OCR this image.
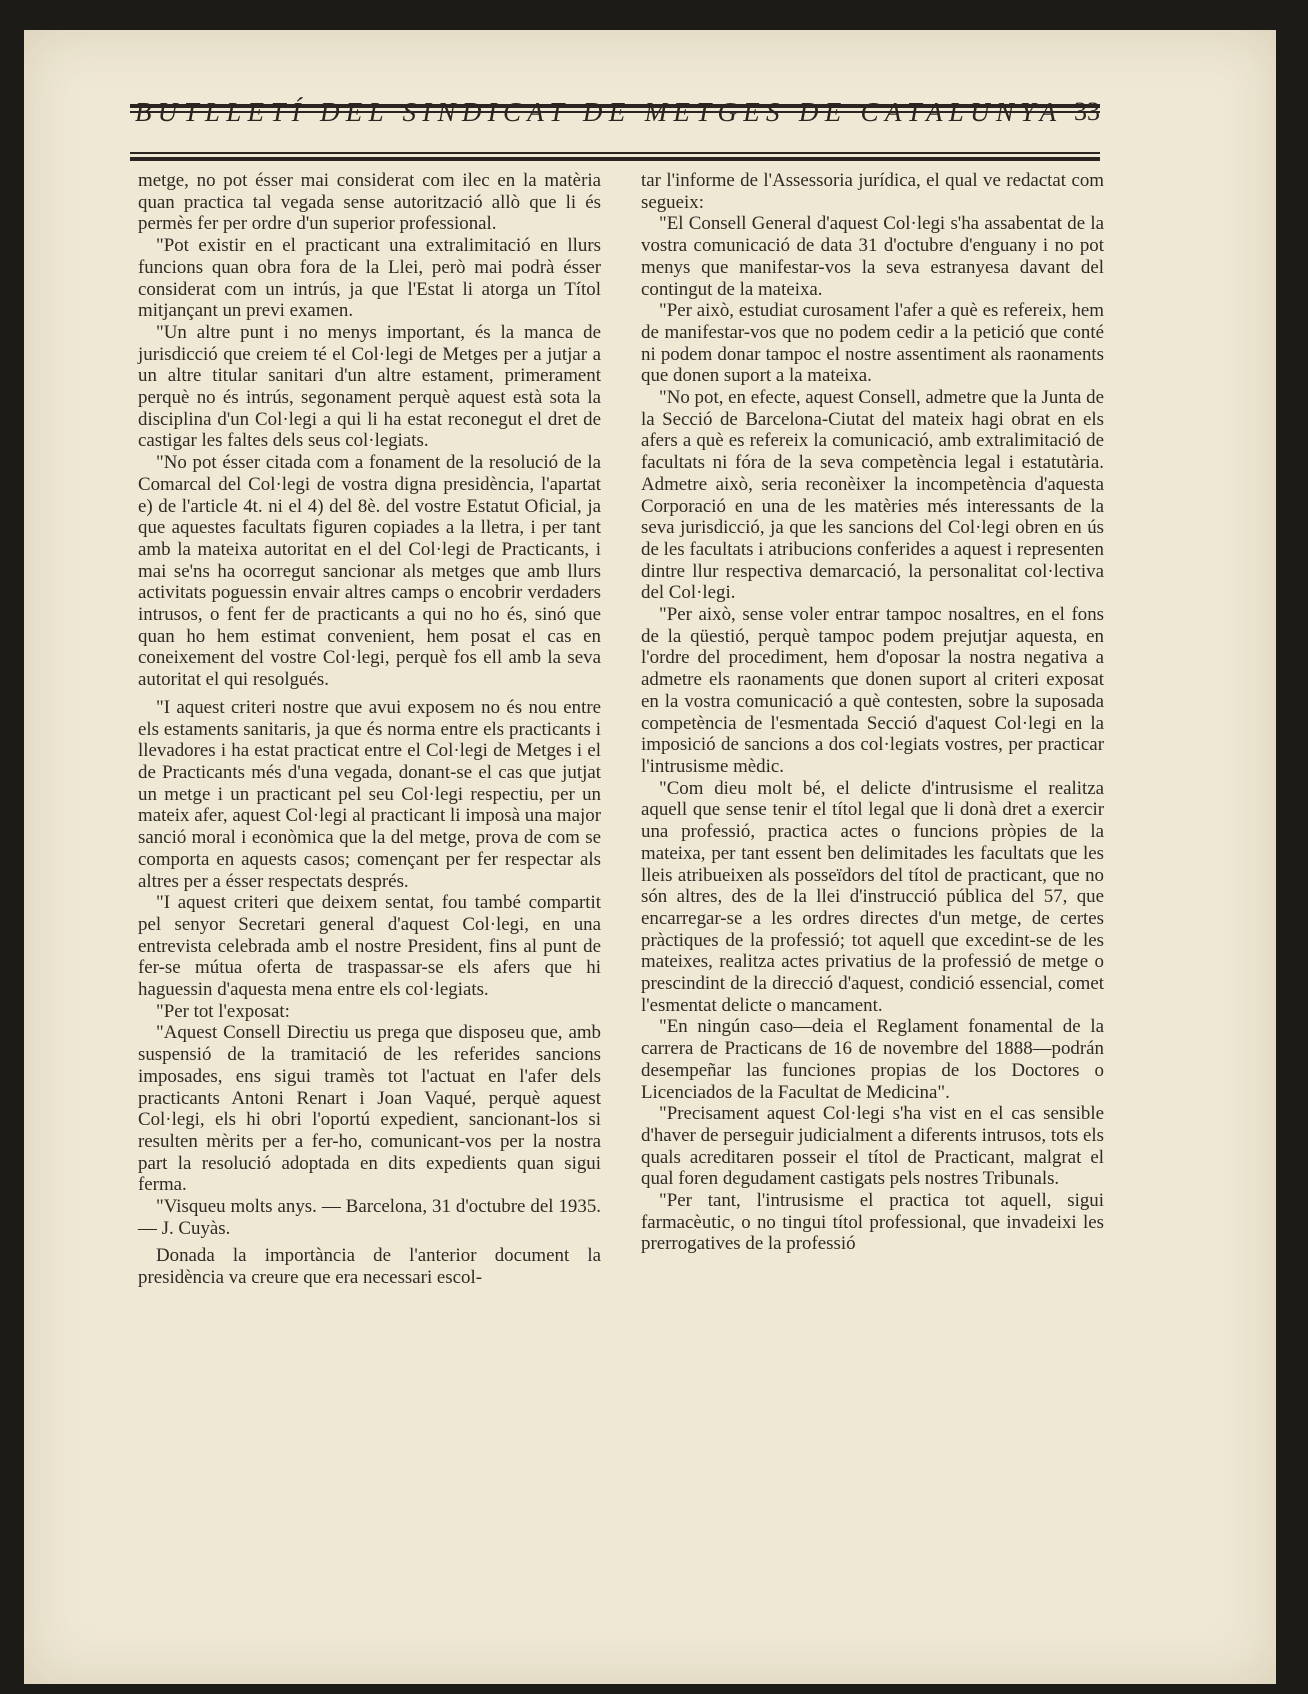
BUTLLETÍ DEL SINDICAT DE METGES DE CATALUNYA 33

metge, no pot ésser mai considerat com ilec en la matèria quan practica tal vegada sense autorització allò que li és permès fer per ordre d'un superior professional.

"Pot existir en el practicant una extralimitació en llurs funcions quan obra fora de la Llei, però mai podrà ésser considerat com un intrús, ja que l'Estat li atorga un Títol mitjançant un previ examen.

"Un altre punt i no menys important, és la manca de jurisdicció que creiem té el Col·legi de Metges per a jutjar a un altre titular sanitari d'un altre estament, primerament perquè no és intrús, segonament perquè aquest està sota la disciplina d'un Col·legi a qui li ha estat reconegut el dret de castigar les faltes dels seus col·legiats.

"No pot ésser citada com a fonament de la resolució de la Comarcal del Col·legi de vostra digna presidència, l'apartat e) de l'article 4t. ni el 4) del 8è. del vostre Estatut Oficial, ja que aquestes facultats figuren copiades a la lletra, i per tant amb la mateixa autoritat en el del Col·legi de Practicants, i mai se'ns ha ocorregut sancionar als metges que amb llurs activitats poguessin envair altres camps o encobrir verdaders intrusos, o fent fer de practicants a qui no ho és, sinó que quan ho hem estimat convenient, hem posat el cas en coneixement del vostre Col·legi, perquè fos ell amb la seva autoritat el qui resolgués.

"I aquest criteri nostre que avui exposem no és nou entre els estaments sanitaris, ja que és norma entre els practicants i llevadores i ha estat practicat entre el Col·legi de Metges i el de Practicants més d'una vegada, donant-se el cas que jutjat un metge i un practicant pel seu Col·legi respectiu, per un mateix afer, aquest Col·legi al practicant li imposà una major sanció moral i econòmica que la del metge, prova de com se comporta en aquests casos; començant per fer respectar als altres per a ésser respectats després.

"I aquest criteri que deixem sentat, fou també compartit pel senyor Secretari general d'aquest Col·legi, en una entrevista celebrada amb el nostre President, fins al punt de fer-se mútua oferta de traspassar-se els afers que hi haguessin d'aquesta mena entre els col·legiats.

"Per tot l'exposat:

"Aquest Consell Directiu us prega que disposeu que, amb suspensió de la tramitació de les referides sancions imposades, ens sigui tramès tot l'actuat en l'afer dels practicants Antoni Renart i Joan Vaqué, perquè aquest Col·legi, els hi obri l'oportú expedient, sancionant-los si resulten mèrits per a fer-ho, comunicant-vos per la nostra part la resolució adoptada en dits expedients quan sigui ferma.

"Visqueu molts anys. — Barcelona, 31 d'octubre del 1935. — J. Cuyàs.

Donada la importància de l'anterior document la presidència va creure que era necessari escol-

tar l'informe de l'Assessoria jurídica, el qual ve redactat com segueix:

"El Consell General d'aquest Col·legi s'ha assabentat de la vostra comunicació de data 31 d'octubre d'enguany i no pot menys que manifestar-vos la seva estranyesa davant del contingut de la mateixa.

"Per això, estudiat curosament l'afer a què es refereix, hem de manifestar-vos que no podem cedir a la petició que conté ni podem donar tampoc el nostre assentiment als raonaments que donen suport a la mateixa.

"No pot, en efecte, aquest Consell, admetre que la Junta de la Secció de Barcelona-Ciutat del mateix hagi obrat en els afers a què es refereix la comunicació, amb extralimitació de facultats ni fóra de la seva competència legal i estatutària. Admetre això, seria reconèixer la incompetència d'aquesta Corporació en una de les matèries més interessants de la seva jurisdicció, ja que les sancions del Col·legi obren en ús de les facultats i atribucions conferides a aquest i representen dintre llur respectiva demarcació, la personalitat col·lectiva del Col·legi.

"Per això, sense voler entrar tampoc nosaltres, en el fons de la qüestió, perquè tampoc podem prejutjar aquesta, en l'ordre del procediment, hem d'oposar la nostra negativa a admetre els raonaments que donen suport al criteri exposat en la vostra comunicació a què contesten, sobre la suposada competència de l'esmentada Secció d'aquest Col·legi en la imposició de sancions a dos col·legiats vostres, per practicar l'intrusisme mèdic.

"Com dieu molt bé, el delicte d'intrusisme el realitza aquell que sense tenir el títol legal que li donà dret a exercir una professió, practica actes o funcions pròpies de la mateixa, per tant essent ben delimitades les facultats que les lleis atribueixen als posseïdors del títol de practicant, que no són altres, des de la llei d'instrucció pública del 57, que encarregar-se a les ordres directes d'un metge, de certes pràctiques de la professió; tot aquell que excedint-se de les mateixes, realitza actes privatius de la professió de metge o prescindint de la direcció d'aquest, condició essencial, comet l'esmentat delicte o mancament.

"En ningún caso—deia el Reglament fonamental de la carrera de Practicans de 16 de novembre del 1888—podrán desempeñar las funciones propias de los Doctores o Licenciados de la Facultat de Medicina".

"Precisament aquest Col·legi s'ha vist en el cas sensible d'haver de perseguir judicialment a diferents intrusos, tots els quals acreditaren posseir el títol de Practicant, malgrat el qual foren degudament castigats pels nostres Tribunals.

"Per tant, l'intrusisme el practica tot aquell, sigui farmacèutic, o no tingui títol professional, que invadeixi les prerrogatives de la professió
